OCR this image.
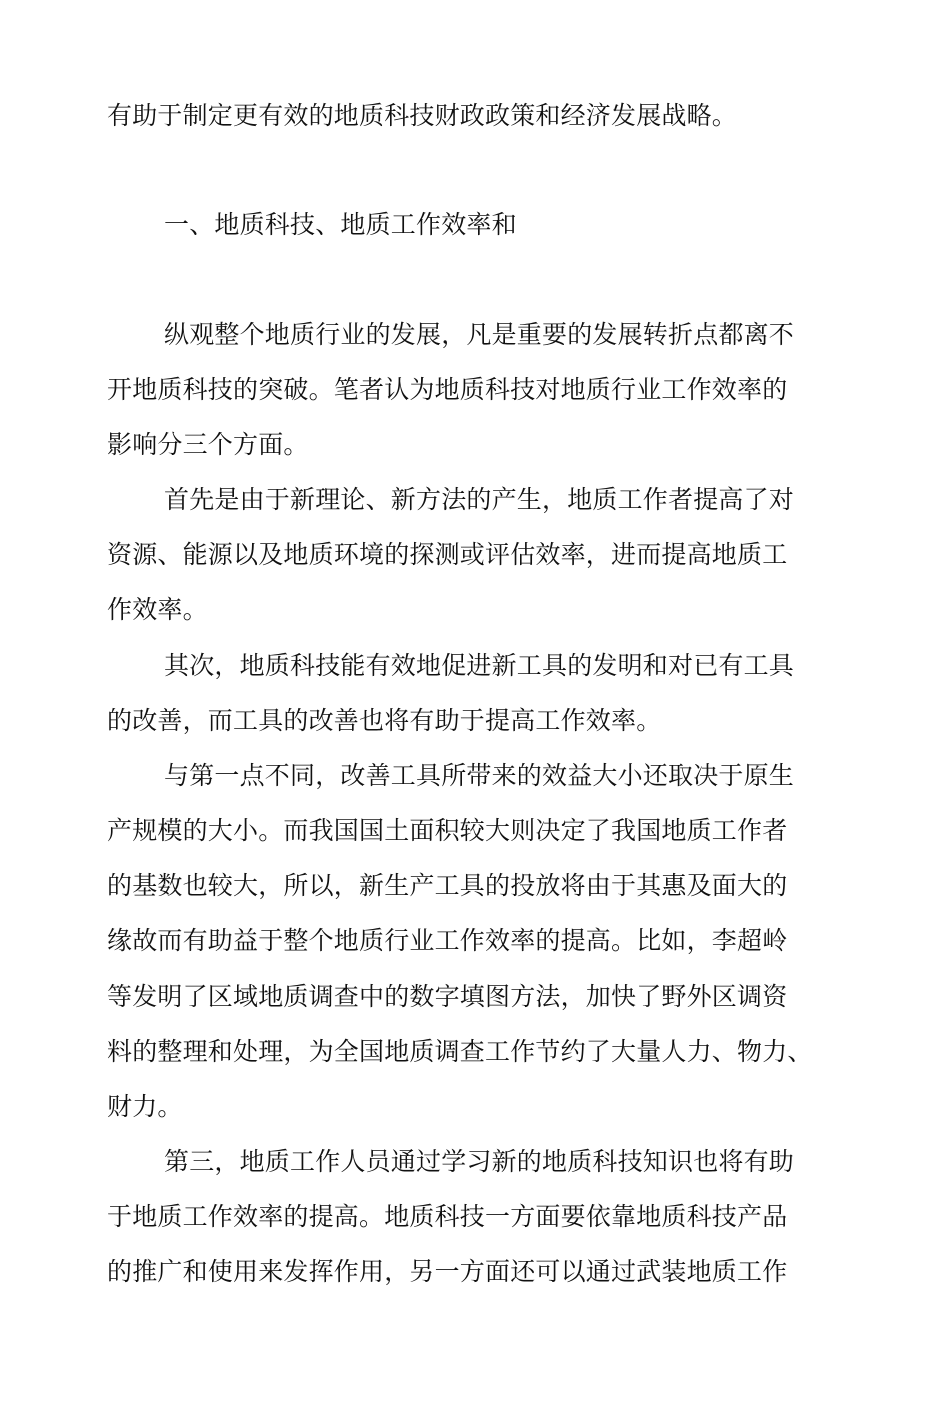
有助于制定更有效的地质科技财政政策和经济发展战略。
一、地质科技、地质工作效率和
纵观整个地质行业的发展，凡是重要的发展转折点都离不
开地质科技的突破。笔者认为地质科技对地质行业工作效率的
影响分三个方面。
首先是由于新理论、新方法的产生，地质工作者提高了对
资源、能源以及地质环境的探测或评估效率，进而提高地质工
作效率。
其次，地质科技能有效地促进新工具的发明和对已有工具
的改善，而工具的改善也将有助于提高工作效率。
与第一点不同，改善工具所带来的效益大小还取决于原生
产规模的大小。而我国国土面积较大则决定了我国地质工作者
的基数也较大，所以，新生产工具的投放将由于其惠及面大的
缘故而有助益于整个地质行业工作效率的提高。比如，李超岭
等发明了区域地质调查中的数字填图方法，加快了野外区调资
料的整理和处理，为全国地质调查工作节约了大量人力、物力、
财力。
第三，地质工作人员通过学习新的地质科技知识也将有助
于地质工作效率的提高。地质科技一方面要依靠地质科技产品
的推广和使用来发挥作用，另一方面还可以通过武装地质工作
